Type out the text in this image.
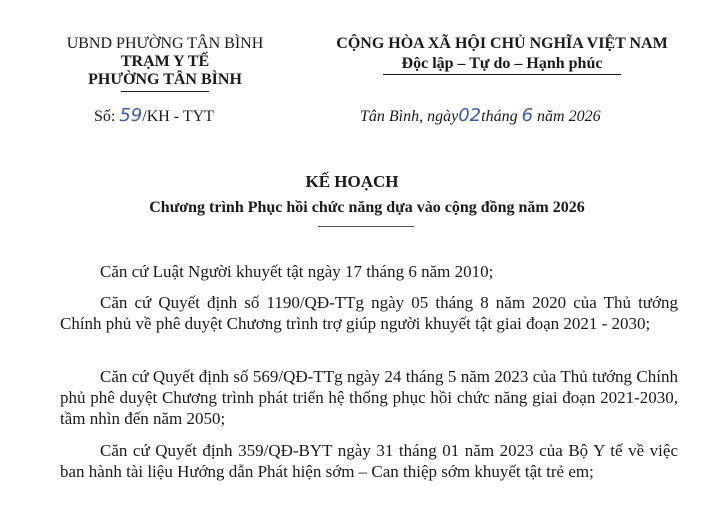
UBND PHƯỜNG TÂN BÌNH
TRẠM Y TẾ
PHƯỜNG TÂN BÌNH
Số: 59/KH - TYT
CỘNG HÒA XÃ HỘI CHỦ NGHĨA VIỆT NAM
Độc lập – Tự do – Hạnh phúc
Tân Bình, ngày02tháng 6 năm 2026
KẾ HOẠCH
Chương trình Phục hồi chức năng dựa vào cộng đồng năm 2026
Căn cứ Luật Người khuyết tật ngày 17 tháng 6 năm 2010;
Căn cứ Quyết định số 1190/QĐ-TTg ngày 05 tháng 8 năm 2020 của Thủ tướng Chính phủ về phê duyệt Chương trình trợ giúp người khuyết tật giai đoạn 2021 - 2030;
Căn cứ Quyết định số 569/QĐ-TTg ngày 24 tháng 5 năm 2023 của Thủ tướng Chính phủ phê duyệt Chương trình phát triển hệ thống phục hồi chức năng giai đoạn 2021-2030, tầm nhìn đến năm 2050;
Căn cứ Quyết định 359/QĐ-BYT ngày 31 tháng 01 năm 2023 của Bộ Y tế về việc ban hành tài liệu Hướng dẫn Phát hiện sớm – Can thiệp sớm khuyết tật trẻ em;
